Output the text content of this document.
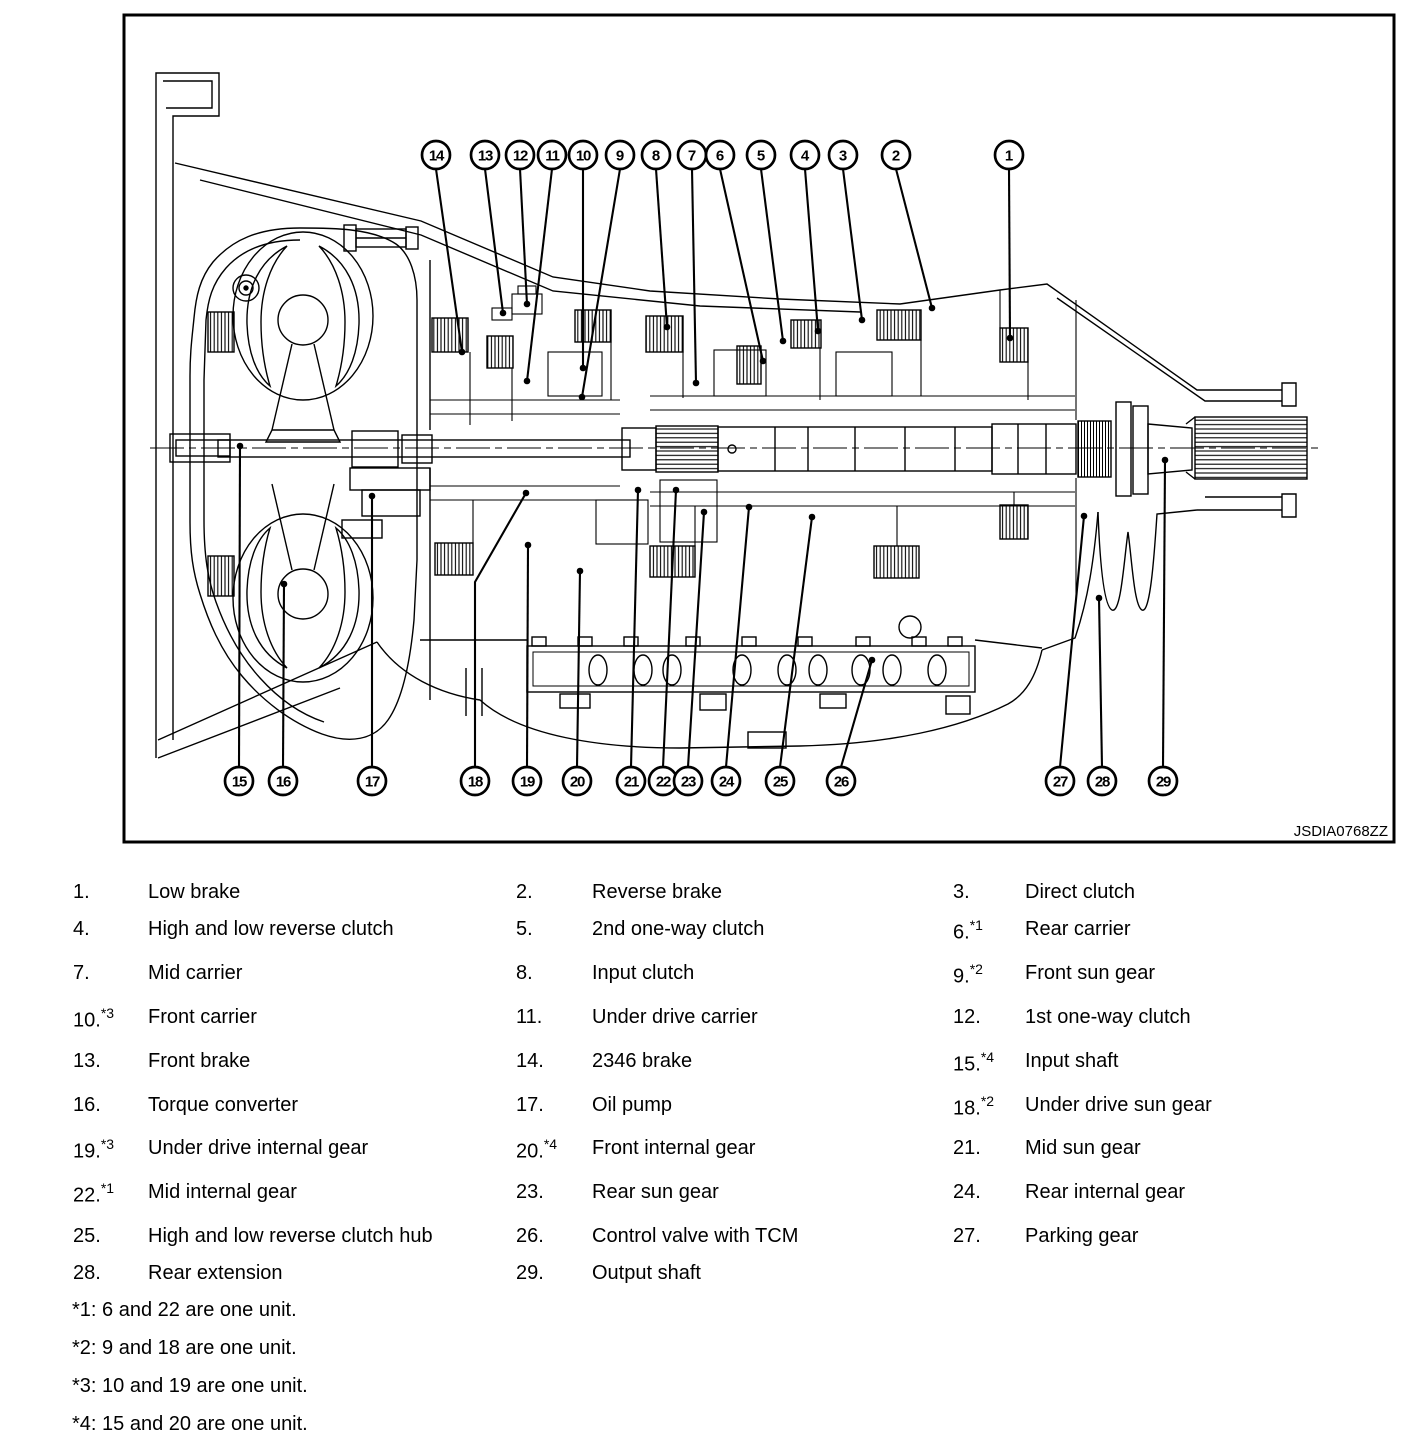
14 13 12 11 10 9 8 7 6 5 4 3	2	1
15 16	17	18	19 20	21 22 23 24	25	26	27 28	29
JSDIA0768ZZ
1.	Low brake	2.	Reverse brake	3.	Direct clutch
4.	High and low reverse clutch	5.	2nd one-way clutch	6.$^{*1}$ Rear carrier
7.	Mid carrier	8.	Input clutch	9.$^{*2}$ Front sun gear
10.$^{*3}$ Front carrier	11. Under drive carrier	12. 1st one-way clutch
13. Front brake	14. 2346 brake	15.$^{*4}$ Input shaft
16. Torque converter	17. Oil pump	18.$^{*2}$ Under drive sun gear
19.$^{*3}$ Under drive internal gear	20.$^{*4}$ Front internal gear	21. Mid sun gear
22.$^{*1}$ Mid internal gear	23. Rear sun gear	24. Rear internal gear
25. High and low reverse clutch hub	26. Control valve with TCM	27. Parking gear
28. Rear extension	29. Output shaft
*1: 6 and 22 are one unit.
*2: 9 and 18 are one unit.
*3: 10 and 19 are one unit.
*4: 15 and 20 are one unit.
